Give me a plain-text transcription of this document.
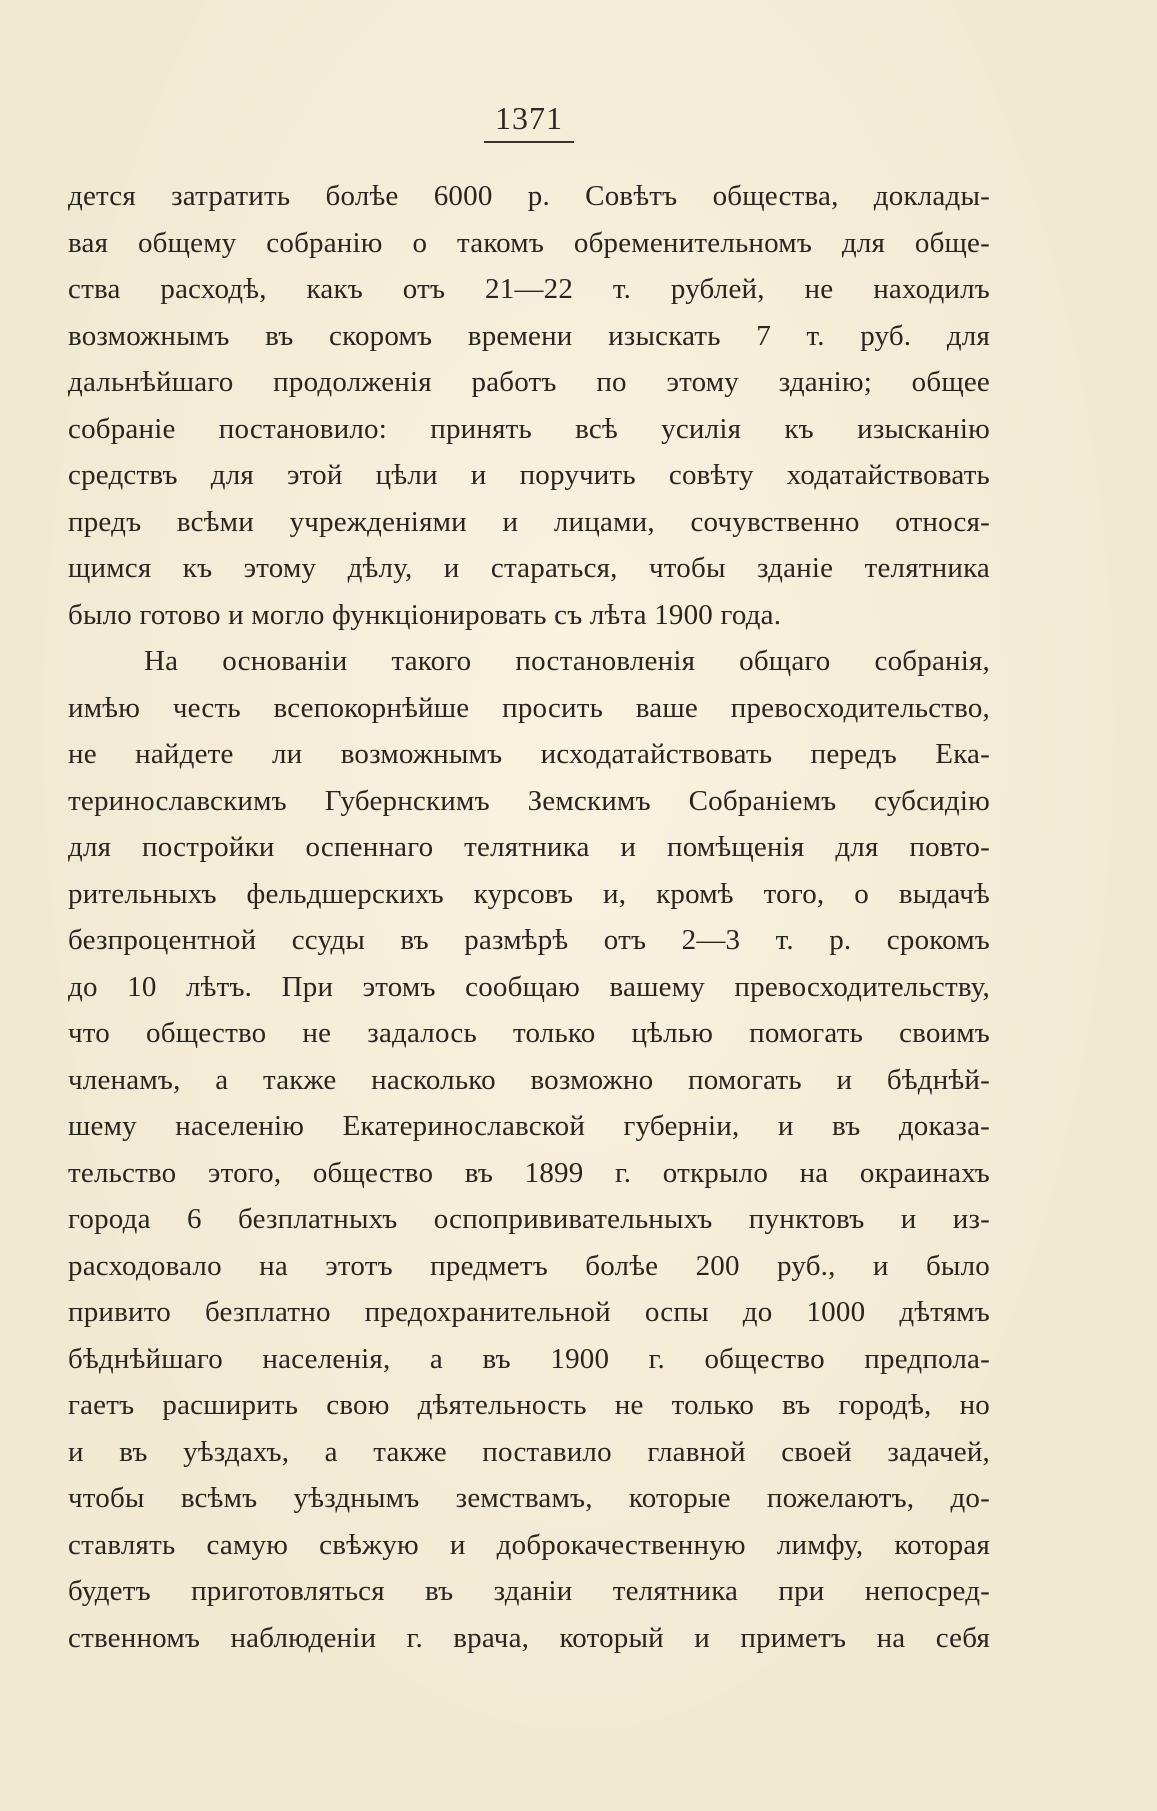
1371
дется затратить болѣе 6000 р. Совѣтъ общества, доклады-
вая общему собранію о такомъ обременительномъ для обще-
ства расходѣ, какъ отъ 21—22 т. рублей, не находилъ
возможнымъ въ скоромъ времени изыскать 7 т. руб. для
дальнѣйшаго продолженія работъ по этому зданію; общее
собраніе постановило: принять всѣ усилія къ изысканію
средствъ для этой цѣли и поручить совѣту ходатайствовать
предъ всѣми учрежденіями и лицами, сочувственно относя-
щимся къ этому дѣлу, и стараться, чтобы зданіе телятника
было готово и могло функціонировать съ лѣта 1900 года.
На основаніи такого постановленія общаго собранія,
имѣю честь всепокорнѣйше просить ваше превосходительство,
не найдете ли возможнымъ исходатайствовать передъ Ека-
теринославскимъ Губернскимъ Земскимъ Собраніемъ субсидію
для постройки оспеннаго телятника и помѣщенія для повто-
рительныхъ фельдшерскихъ курсовъ и, кромѣ того, о выдачѣ
безпроцентной ссуды въ размѣрѣ отъ 2—3 т. р. срокомъ
до 10 лѣтъ. При этомъ сообщаю вашему превосходительству,
что общество не задалось только цѣлью помогать своимъ
членамъ, а также насколько возможно помогать и бѣднѣй-
шему населенію Екатеринославской губерніи, и въ доказа-
тельство этого, общество въ 1899 г. открыло на окраинахъ
города 6 безплатныхъ оспопрививательныхъ пунктовъ и из-
расходовало на этотъ предметъ болѣе 200 руб., и было
привито безплатно предохранительной оспы до 1000 дѣтямъ
бѣднѣйшаго населенія, а въ 1900 г. общество предпола-
гаетъ расширить свою дѣятельность не только въ городѣ, но
и въ уѣздахъ, а также поставило главной своей задачей,
чтобы всѣмъ уѣзднымъ земствамъ, которые пожелаютъ, до-
ставлять самую свѣжую и доброкачественную лимфу, которая
будетъ приготовляться въ зданіи телятника при непосред-
ственномъ наблюденіи г. врача, который и приметъ на себя
